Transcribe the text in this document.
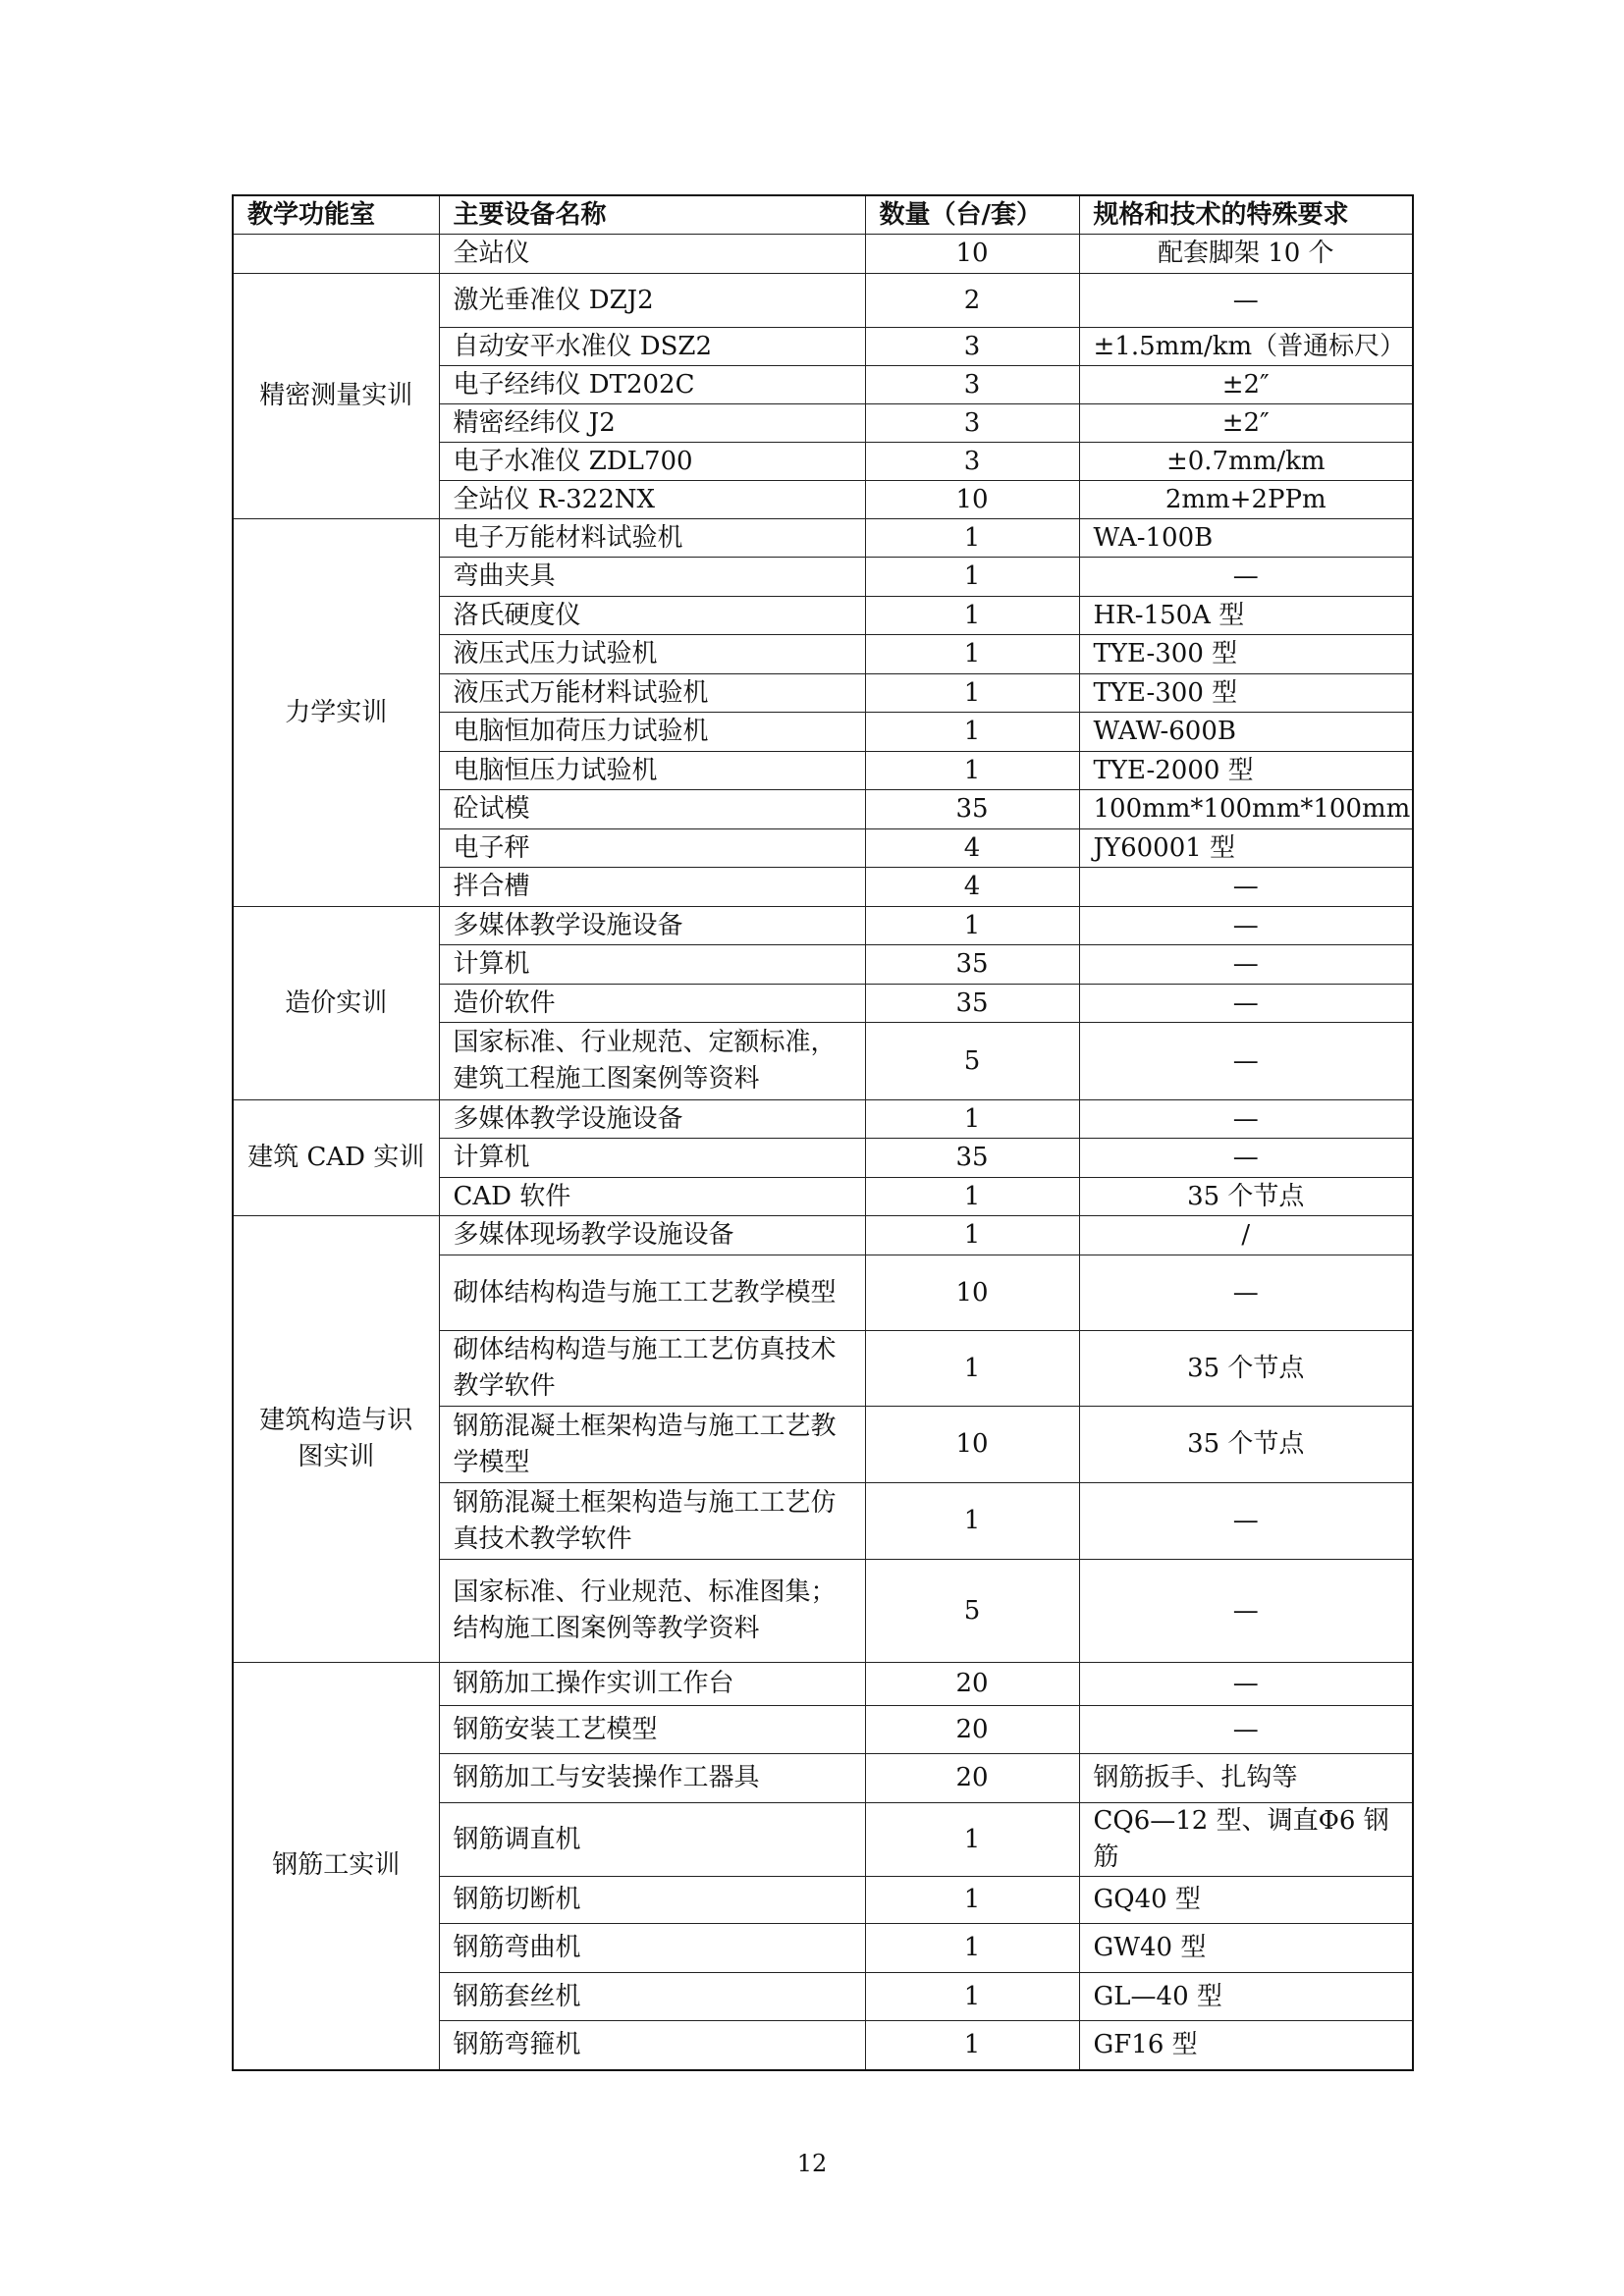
教学功能室	主要设备名称	数量（台/套）	规格和技术的特殊要求
	全站仪	10	配套脚架 10 个
精密测量实训	激光垂准仪 DZJ2	2	—
	自动安平水准仪 DSZ2	3	±1.5mm/km（普通标尺）
	电子经纬仪 DT202C	3	±2″
	精密经纬仪 J2	3	±2″
	电子水准仪 ZDL700	3	±0.7mm/km
	全站仪 R-322NX	10	2mm+2PPm
力学实训	电子万能材料试验机	1	WA-100B
	弯曲夹具	1	—
	洛氏硬度仪	1	HR-150A 型
	液压式压力试验机	1	TYE-300 型
	液压式万能材料试验机	1	TYE-300 型
	电脑恒加荷压力试验机	1	WAW-600B
	电脑恒压力试验机	1	TYE-2000 型
	砼试模	35	100mm*100mm*100mm
	电子秤	4	JY60001 型
	拌合槽	4	—
造价实训	多媒体教学设施设备	1	—
	计算机	35	—
	造价软件	35	—
	国家标准、行业规范、定额标准，建筑工程施工图案例等资料	5	—
建筑 CAD 实训	多媒体教学设施设备	1	—
	计算机	35	—
	CAD 软件	1	35 个节点
建筑构造与识图实训	多媒体现场教学设施设备	1	/
	砌体结构构造与施工工艺教学模型	10	—
	砌体结构构造与施工工艺仿真技术教学软件	1	35 个节点
	钢筋混凝土框架构造与施工工艺教学模型	10	35 个节点
	钢筋混凝土框架构造与施工工艺仿真技术教学软件	1	—
	国家标准、行业规范、标准图集；结构施工图案例等教学资料	5	—
钢筋工实训	钢筋加工操作实训工作台	20	—
	钢筋安装工艺模型	20	—
	钢筋加工与安装操作工器具	20	钢筋扳手、扎钩等
	钢筋调直机	1	CQ6—12 型、调直Φ6 钢筋
	钢筋切断机	1	GQ40 型
	钢筋弯曲机	1	GW40 型
	钢筋套丝机	1	GL—40 型
	钢筋弯箍机	1	GF16 型
12
